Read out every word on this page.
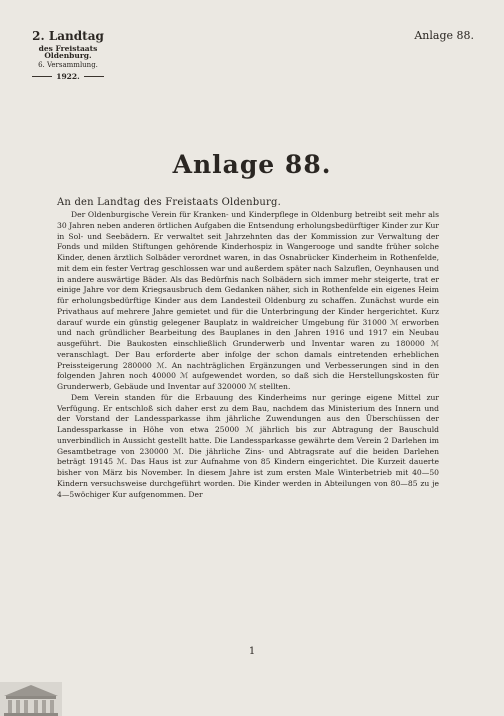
2. Landtag
des Freistaats Oldenburg.
6. Versammlung.
1922.
Anlage 88.
Anlage 88.
An den Landtag des Freistaats Oldenburg.

Der Oldenburgische Verein für Kranken- und Kinderpflege in Oldenburg betreibt seit mehr als 30 Jahren neben anderen örtlichen Aufgaben die Entsendung erholungsbedürftiger Kinder zur Kur in Sol- und Seebädern. Er verwaltet seit Jahrzehnten das der Kommission zur Verwaltung der Fonds und milden Stiftungen gehörende Kinderhospiz in Wangerooge und sandte früher solche Kinder, denen ärztlich Solbäder verordnet waren, in das Osnabrücker Kinderheim in Rothenfelde, mit dem ein fester Vertrag geschlossen war und außerdem später nach Salzuflen, Oeynhausen und in andere auswärtige Bäder. Als das Bedürfnis nach Solbädern sich immer mehr steigerte, trat er einige Jahre vor dem Kriegsausbruch dem Gedanken näher, sich in Rothenfelde ein eigenes Heim für erholungsbedürftige Kinder aus dem Landesteil Oldenburg zu schaffen. Zunächst wurde ein Privathaus auf mehrere Jahre gemietet und für die Unterbringung der Kinder hergerichtet. Kurz darauf wurde ein günstig gelegener Bauplatz in waldreicher Umgebung für 31000 ℳ erworben und nach gründlicher Bearbeitung des Bauplanes in den Jahren 1916 und 1917 ein Neubau ausgeführt. Die Baukosten einschließlich Grunderwerb und Inventar waren zu 180000 ℳ veranschlagt. Der Bau erforderte aber infolge der schon damals eintretenden erheblichen Preissteigerung 280000 ℳ. An nachträglichen Ergänzungen und Verbesserungen sind in den folgenden Jahren noch 40000 ℳ aufgewendet worden, so daß sich die Herstellungskosten für Grunderwerb, Gebäude und Inventar auf 320000 ℳ stellten.

Dem Verein standen für die Erbauung des Kinderheims nur geringe eigene Mittel zur Verfügung. Er entschloß sich daher erst zu dem Bau, nachdem das Ministerium des Innern und der Vorstand der Landessparkasse ihm jährliche Zuwendungen aus den Überschüssen der Landessparkasse in Höhe von etwa 25000 ℳ jährlich bis zur Abtragung der Bauschuld unverbindlich in Aussicht gestellt hatte. Die Landessparkasse gewährte dem Verein 2 Darlehen im Gesamtbetrage von 230000 ℳ. Die jährliche Zins- und Abtragsrate auf die beiden Darlehen beträgt 19145 ℳ. Das Haus ist zur Aufnahme von 85 Kindern eingerichtet. Die Kurzeit dauerte bisher von März bis November. In diesem Jahre ist zum ersten Male Winterbetrieb mit 40—50 Kindern versuchsweise durchgeführt worden. Die Kinder werden in Abteilungen von 80—85 zu je 4—5wöchiger Kur aufgenommen. Der

1
